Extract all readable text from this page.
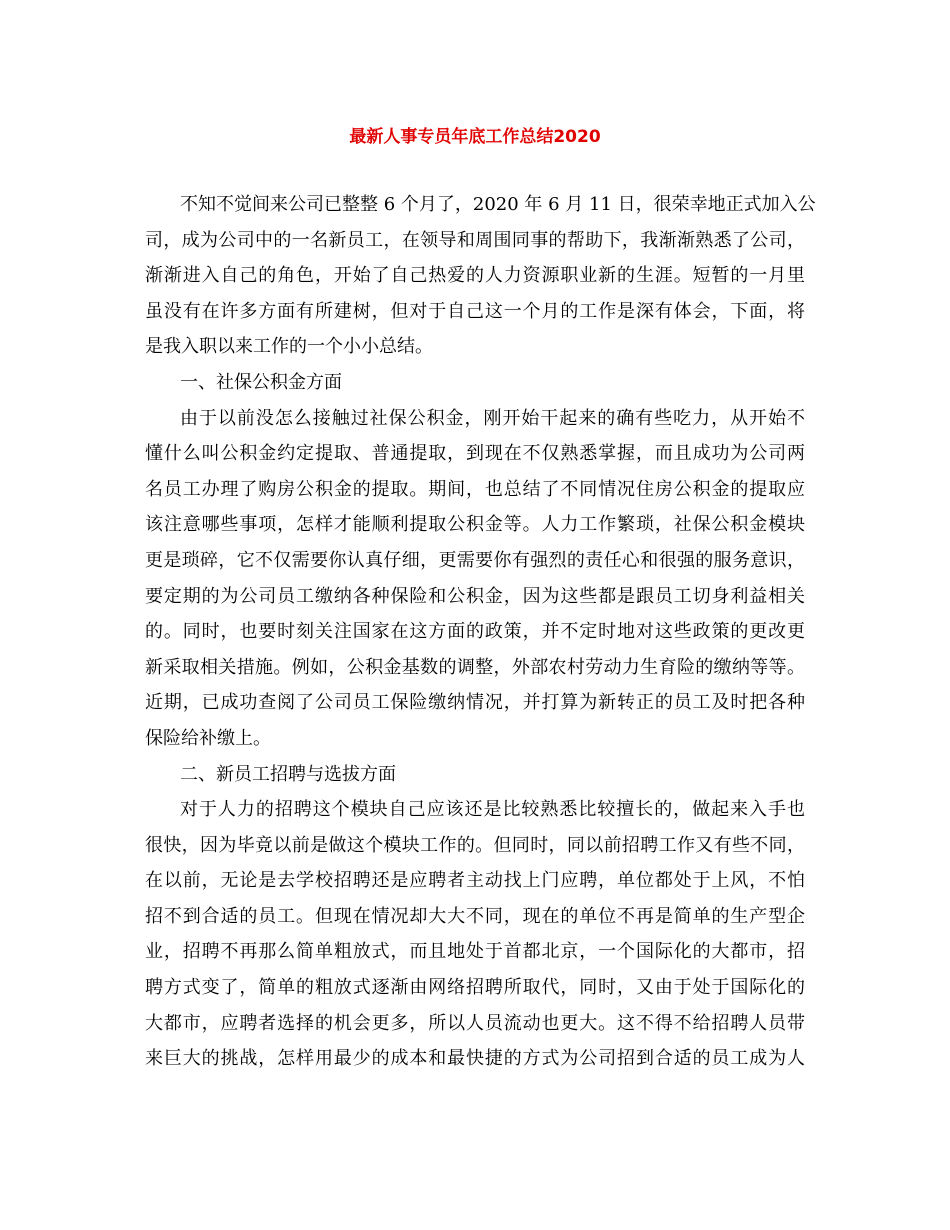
最新人事专员年底工作总结2020

不知不觉间来公司已整整 6 个月了，2020 年 6 月 11 日，很荣幸地正式加入公

司，成为公司中的一名新员工，在领导和周围同事的帮助下，我渐渐熟悉了公司，

渐渐进入自己的角色，开始了自己热爱的人力资源职业新的生涯。短暂的一月里

虽没有在许多方面有所建树，但对于自己这一个月的工作是深有体会，下面，将

是我入职以来工作的一个小小总结。

一、社保公积金方面

由于以前没怎么接触过社保公积金，刚开始干起来的确有些吃力，从开始不

懂什么叫公积金约定提取、普通提取，到现在不仅熟悉掌握，而且成功为公司两

名员工办理了购房公积金的提取。期间，也总结了不同情况住房公积金的提取应

该注意哪些事项，怎样才能顺利提取公积金等。人力工作繁琐，社保公积金模块

更是琐碎，它不仅需要你认真仔细，更需要你有强烈的责任心和很强的服务意识，

要定期的为公司员工缴纳各种保险和公积金，因为这些都是跟员工切身利益相关

的。同时，也要时刻关注国家在这方面的政策，并不定时地对这些政策的更改更

新采取相关措施。例如，公积金基数的调整，外部农村劳动力生育险的缴纳等等。

近期，已成功查阅了公司员工保险缴纳情况，并打算为新转正的员工及时把各种

保险给补缴上。

二、新员工招聘与选拔方面

对于人力的招聘这个模块自己应该还是比较熟悉比较擅长的，做起来入手也

很快，因为毕竟以前是做这个模块工作的。但同时，同以前招聘工作又有些不同，

在以前，无论是去学校招聘还是应聘者主动找上门应聘，单位都处于上风，不怕

招不到合适的员工。但现在情况却大大不同，现在的单位不再是简单的生产型企

业，招聘不再那么简单粗放式，而且地处于首都北京，一个国际化的大都市，招

聘方式变了，简单的粗放式逐渐由网络招聘所取代，同时，又由于处于国际化的

大都市，应聘者选择的机会更多，所以人员流动也更大。这不得不给招聘人员带

来巨大的挑战，怎样用最少的成本和最快捷的方式为公司招到合适的员工成为人
